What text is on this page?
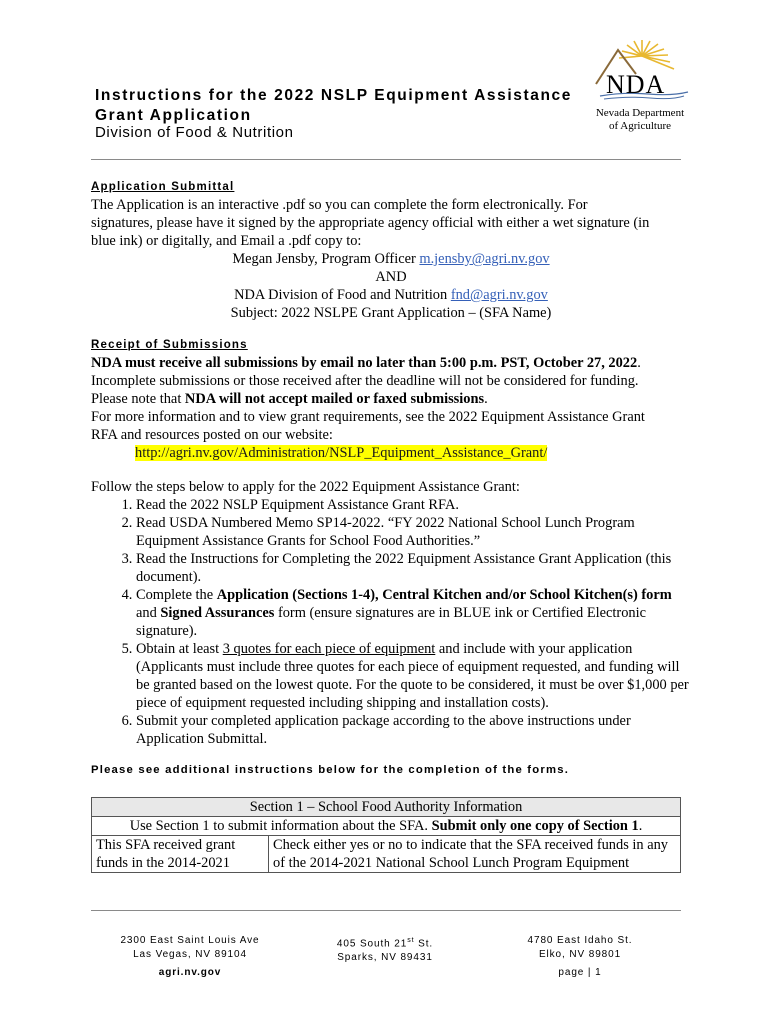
Instructions for the 2022 NSLP Equipment Assistance
Grant Application
Division of Food & Nutrition
NDA
Nevada Department
of Agriculture
Application Submittal
The Application is an interactive .pdf so you can complete the form electronically. For
signatures, please have it signed by the appropriate agency official with either a wet signature (in
blue ink) or digitally, and Email a .pdf copy to:
Megan Jensby, Program Officer m.jensby@agri.nv.gov
AND
NDA Division of Food and Nutrition fnd@agri.nv.gov
Subject: 2022 NSLPE Grant Application – (SFA Name)
Receipt of Submissions
NDA must receive all submissions by email no later than 5:00 p.m. PST, October 27, 2022.
Incomplete submissions or those received after the deadline will not be considered for funding.
Please note that NDA will not accept mailed or faxed submissions.
For more information and to view grant requirements, see the 2022 Equipment Assistance Grant
RFA and resources posted on our website:
http://agri.nv.gov/Administration/NSLP_Equipment_Assistance_Grant/
Follow the steps below to apply for the 2022 Equipment Assistance Grant:
1. Read the 2022 NSLP Equipment Assistance Grant RFA.
2. Read USDA Numbered Memo SP14-2022. “FY 2022 National School Lunch Program Equipment Assistance Grants for School Food Authorities.”
3. Read the Instructions for Completing the 2022 Equipment Assistance Grant Application (this document).
4. Complete the Application (Sections 1-4), Central Kitchen and/or School Kitchen(s) form and Signed Assurances form (ensure signatures are in BLUE ink or Certified Electronic signature).
5. Obtain at least 3 quotes for each piece of equipment and include with your application (Applicants must include three quotes for each piece of equipment requested, and funding will be granted based on the lowest quote. For the quote to be considered, it must be over $1,000 per piece of equipment requested including shipping and installation costs).
6. Submit your completed application package according to the above instructions under Application Submittal.
Please see additional instructions below for the completion of the forms.
Section 1 – School Food Authority Information
Use Section 1 to submit information about the SFA. Submit only one copy of Section 1.
This SFA received grant funds in the 2014-2021	Check either yes or no to indicate that the SFA received funds in any of the 2014-2021 National School Lunch Program Equipment
2300 East Saint Louis Ave
Las Vegas, NV 89104
405 South 21st St.
Sparks, NV 89431
4780 East Idaho St.
Elko, NV 89801
agri.nv.gov	page | 1
